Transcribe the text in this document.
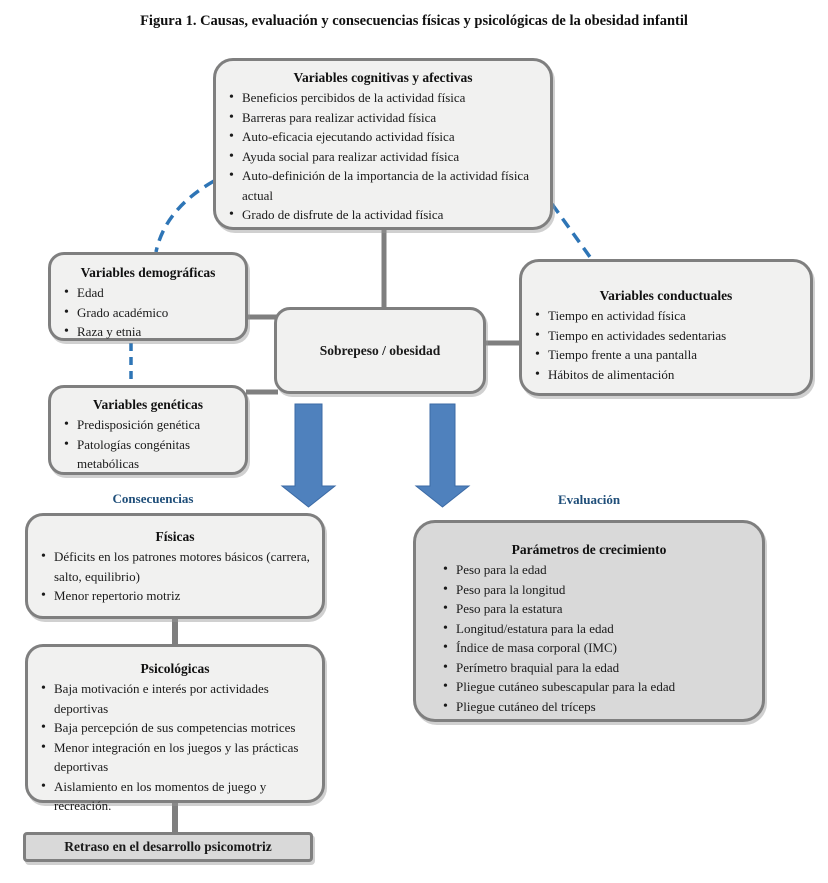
Figura 1. Causas, evaluación y consecuencias físicas y psicológicas de la obesidad infantil
Variables cognitivas y afectivas
• Beneficios percibidos de la actividad física
• Barreras para realizar actividad física
• Auto-eficacia ejecutando actividad física
• Ayuda social para realizar actividad física
• Auto-definición de la importancia de la actividad física actual
• Grado de disfrute de la actividad física
Variables demográficas
• Edad
• Grado académico
• Raza y etnia
Variables conductuales
• Tiempo en actividad física
• Tiempo en actividades sedentarias
• Tiempo frente a una pantalla
• Hábitos de alimentación
Sobrepeso / obesidad
Variables genéticas
• Predisposición genética
• Patologías congénitas metabólicas
Consecuencias	Evaluación
Físicas
• Déficits en los patrones motores básicos (carrera, salto, equilibrio)
• Menor repertorio motriz
Parámetros de crecimiento
• Peso para la edad
• Peso para la longitud
• Peso para la estatura
• Longitud/estatura para la edad
• Índice de masa corporal (IMC)
• Perímetro braquial para la edad
• Pliegue cutáneo subescapular para la edad
• Pliegue cutáneo del tríceps
Psicológicas
• Baja motivación e interés por actividades deportivas
• Baja percepción de sus competencias motrices
• Menor integración en los juegos y las prácticas deportivas
• Aislamiento en los momentos de juego y recreación.
Retraso en el desarrollo psicomotriz
